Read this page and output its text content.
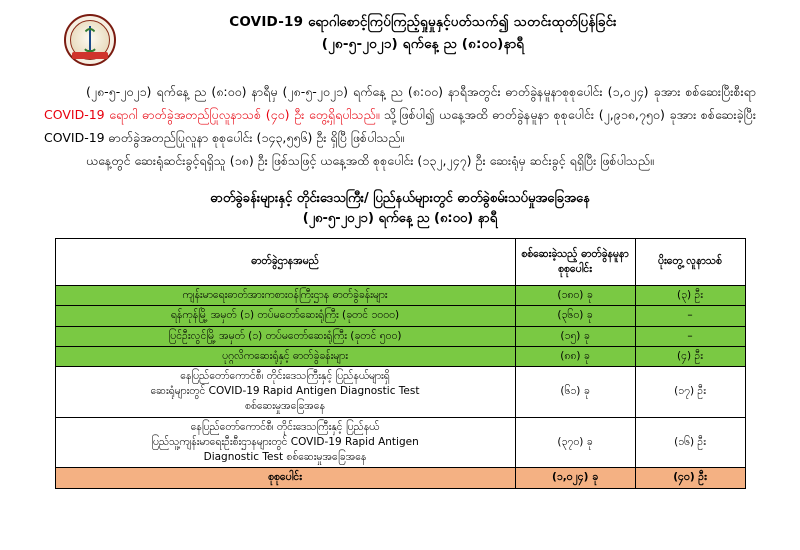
COVID-19 ရောဂါစောင့်ကြပ်ကြည့်ရှုမှုနှင့်ပတ်သက်၍ သတင်းထုတ်ပြန်ခြင်း
(၂၈-၅-၂၀၂၁) ရက်နေ့ ည (၈:၀၀)နာရီ

(၂၈-၅-၂၀၂၁) ရက်နေ့ ည (၈:၀၀) နာရီမှ (၂၈-၅-၂၀၂၁) ရက်နေ့ ည (၈:၀၀) နာရီအတွင်း ဓာတ်ခွဲနမူနာစုစုပေါင်း (၁,၀၂၄) ခုအား စစ်ဆေးပြီးစီးရာ COVID-19 ရောဂါ ဓာတ်ခွဲအတည်ပြုလူနာသစ် (၄၀) ဦး တွေ့ရှိရပါသည်။ သို့ဖြစ်ပါ၍ ယနေ့အထိ ဓာတ်ခွဲနမူနာ စုစုပေါင်း (၂,၉၁၈,၇၅၀) ခုအား စစ်ဆေးခဲ့ပြီး COVID-19 ဓာတ်ခွဲအတည်ပြုလူနာ စုစုပေါင်း (၁၄၃,၅၅၆) ဦး ရှိပြီ ဖြစ်ပါသည်။

ယနေ့တွင် ဆေးရုံဆင်းခွင့်ရရှိသူ (၁၈) ဦး ဖြစ်သဖြင့် ယနေ့အထိ စုစုပေါင်း (၁၃၂,၂၄၇) ဦး ဆေးရုံမှ ဆင်းခွင့် ရရှိပြီး ဖြစ်ပါသည်။

ဓာတ်ခွဲခန်းများနှင့် တိုင်းဒေသကြီး/ ပြည်နယ်များတွင် ဓာတ်ခွဲစမ်းသပ်မှုအခြေအနေ
(၂၈-၅-၂၀၂၁) ရက်နေ့ ည (၈:၀၀) နာရီ
ဓာတ်ခွဲဌာနအမည်	စစ်ဆေးခဲ့သည့် ဓာတ်ခွဲနမူနာ စုစုပေါင်း	ပိုးတွေ့ လူနာသစ်
ကျန်းမာရေးဓာတ်အားကစားဝန်ကြီးဌာန ဓာတ်ခွဲခန်းများ	(၁၈၀) ခု	(၃) ဦး
ရန်ကုန်မြို့ အမှတ် (၁) တပ်မတော်ဆေးရုံကြီး (ခုတင် ၁၀၀၀)	(၃၆၀) ခု	–
ပြင်ဦးလွင်မြို့ အမှတ် (၁) တပ်မတော်ဆေးရုံကြီး (ခုတင် ၅၀၀)	(၁၅) ခု	–
ပုဂ္ဂလိကဆေးရုံနှင့် ဓာတ်ခွဲခန်းများ	(၈၈) ခု	(၄) ဦး

နေပြည်တော်ကောင်စီ၊ တိုင်းဒေသကြီးနှင့် ပြည်နယ်များရှိ
ဆေးရုံများတွင် COVID-19 Rapid Antigen Diagnostic Test
စစ်ဆေးမှုအခြေအနေ	(၆၁) ခု	(၁၇) ဦး

နေပြည်တော်ကောင်စီ၊ တိုင်းဒေသကြီးနှင့် ပြည်နယ်
ပြည်သူ့ကျန်းမာရေးဦးစီးဌာနများတွင် COVID-19 Rapid Antigen
Diagnostic Test စစ်ဆေးမှုအခြေအနေ	(၃၇၀) ခု	(၁၆) ဦး
စုစုပေါင်း	(၁,၀၂၄) ခု	(၄၀) ဦး
